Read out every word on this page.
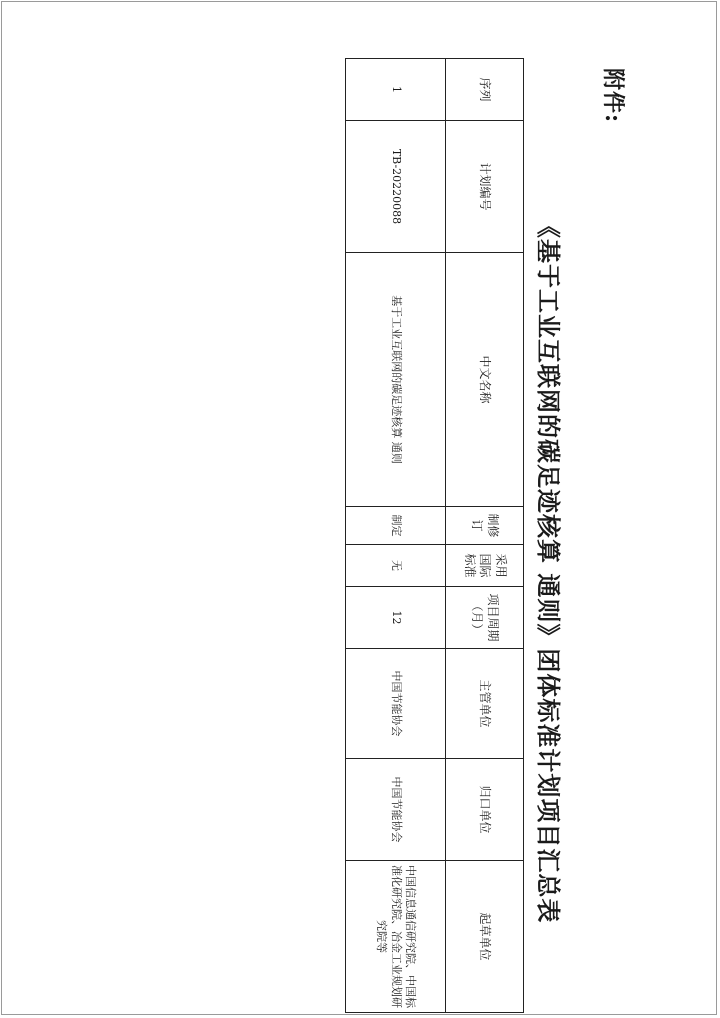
附件:
《基于工业互联网的碳足迹核算 通则》团体标准计划项目汇总表
序列	计划编号	中文名称	制修订	采用国际标准	项目周期（月）	主管单位	归口单位	起草单位
1	TB-20220088	基于工业互联网的碳足迹核算 通则	制定	无	12	中国节能协会	中国节能协会	中国信息通信研究院、中国标准化研究院、冶金工业规划研究院等
